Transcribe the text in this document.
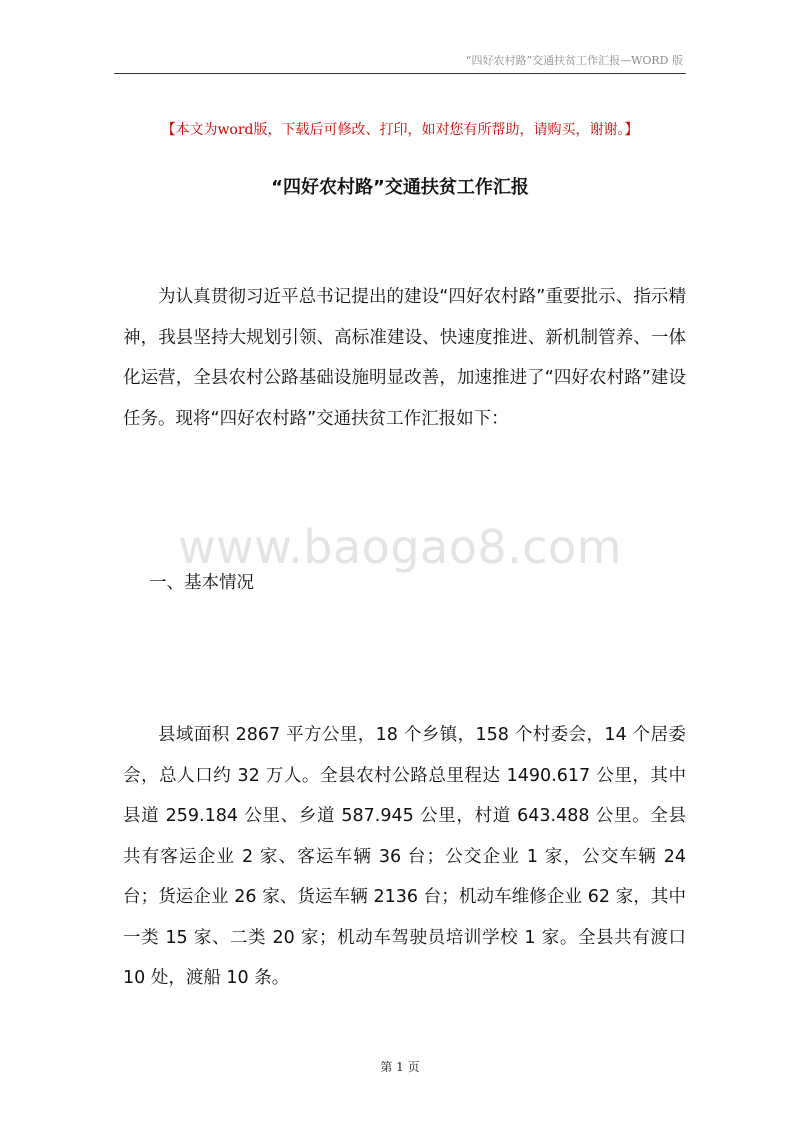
“四好农村路”交通扶贫工作汇报—WORD 版
【本文为word版，下载后可修改、打印，如对您有所帮助，请购买，谢谢。】
“四好农村路”交通扶贫工作汇报

为认真贯彻习近平总书记提出的建设“四好农村路”重要批示、指示精神，我县坚持大规划引领、高标准建设、快速度推进、新机制管养、一体化运营，全县农村公路基础设施明显改善，加速推进了“四好农村路”建设任务。现将“四好农村路”交通扶贫工作汇报如下：

www.baogao8.com
一、基本情况

县域面积 2867 平方公里，18 个乡镇，158 个村委会，14 个居委会，总人口约 32 万人。全县农村公路总里程达 1490.617 公里，其中县道 259.184 公里、乡道 587.945 公里，村道 643.488 公里。全县共有客运企业 2 家、客运车辆 36 台；公交企业 1 家，公交车辆 24 台；货运企业 26 家、货运车辆 2136 台；机动车维修企业 62 家，其中一类 15 家、二类 20 家；机动车驾驶员培训学校 1 家。全县共有渡口 10 处，渡船 10 条。

第 1 页
